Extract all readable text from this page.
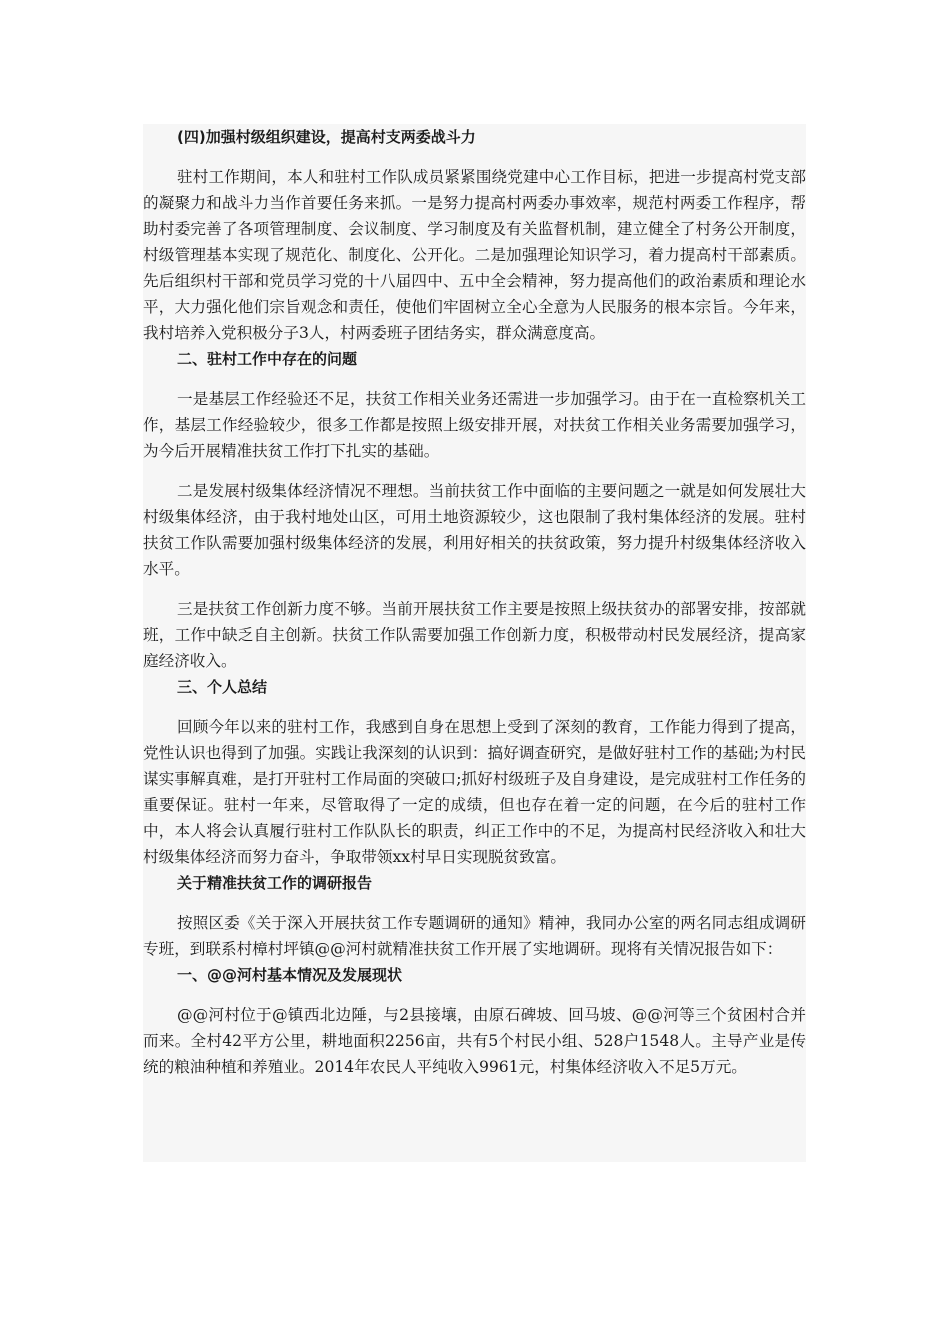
(四)加强村级组织建设，提高村支两委战斗力

驻村工作期间，本人和驻村工作队成员紧紧围绕党建中心工作目标，把进一步提高村党支部的凝聚力和战斗力当作首要任务来抓。一是努力提高村两委办事效率，规范村两委工作程序，帮助村委完善了各项管理制度、会议制度、学习制度及有关监督机制，建立健全了村务公开制度，村级管理基本实现了规范化、制度化、公开化。二是加强理论知识学习，着力提高村干部素质。先后组织村干部和党员学习党的十八届四中、五中全会精神，努力提高他们的政治素质和理论水平，大力强化他们宗旨观念和责任，使他们牢固树立全心全意为人民服务的根本宗旨。今年来，我村培养入党积极分子3人，村两委班子团结务实，群众满意度高。

二、驻村工作中存在的问题

一是基层工作经验还不足，扶贫工作相关业务还需进一步加强学习。由于在一直检察机关工作，基层工作经验较少，很多工作都是按照上级安排开展，对扶贫工作相关业务需要加强学习，为今后开展精准扶贫工作打下扎实的基础。

二是发展村级集体经济情况不理想。当前扶贫工作中面临的主要问题之一就是如何发展壮大村级集体经济，由于我村地处山区，可用土地资源较少，这也限制了我村集体经济的发展。驻村扶贫工作队需要加强村级集体经济的发展，利用好相关的扶贫政策，努力提升村级集体经济收入水平。

三是扶贫工作创新力度不够。当前开展扶贫工作主要是按照上级扶贫办的部署安排，按部就班，工作中缺乏自主创新。扶贫工作队需要加强工作创新力度，积极带动村民发展经济，提高家庭经济收入。

三、个人总结

回顾今年以来的驻村工作，我感到自身在思想上受到了深刻的教育，工作能力得到了提高，党性认识也得到了加强。实践让我深刻的认识到：搞好调查研究，是做好驻村工作的基础;为村民谋实事解真难，是打开驻村工作局面的突破口;抓好村级班子及自身建设，是完成驻村工作任务的重要保证。驻村一年来，尽管取得了一定的成绩，但也存在着一定的问题，在今后的驻村工作中，本人将会认真履行驻村工作队队长的职责，纠正工作中的不足，为提高村民经济收入和壮大村级集体经济而努力奋斗，争取带领xx村早日实现脱贫致富。

关于精准扶贫工作的调研报告

按照区委《关于深入开展扶贫工作专题调研的通知》精神，我同办公室的两名同志组成调研专班，到联系村樟村坪镇@@河村就精准扶贫工作开展了实地调研。现将有关情况报告如下：

一、@@河村基本情况及发展现状

@@河村位于@镇西北边陲，与2县接壤，由原石碑坡、回马坡、@@河等三个贫困村合并而来。全村42平方公里，耕地面积2256亩，共有5个村民小组、528户1548人。主导产业是传统的粮油种植和养殖业。2014年农民人平纯收入9961元，村集体经济收入不足5万元。
